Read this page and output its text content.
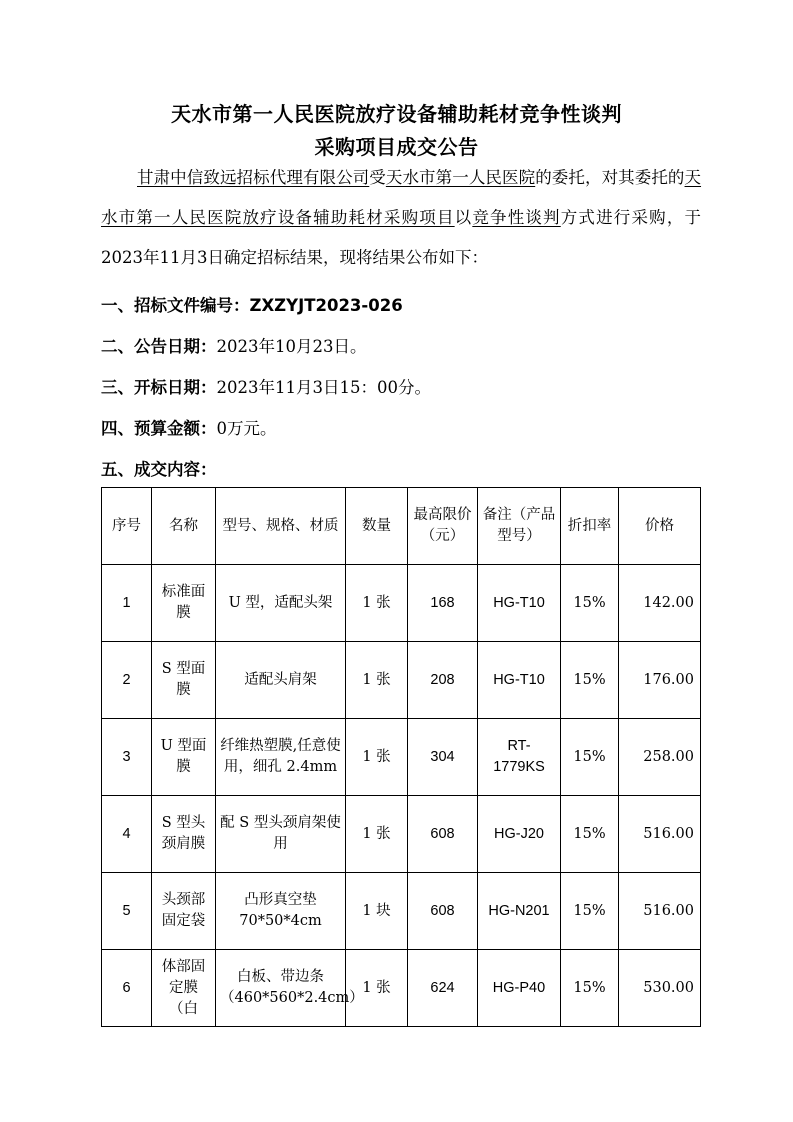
天水市第一人民医院放疗设备辅助耗材竞争性谈判
采购项目成交公告
甘肃中信致远招标代理有限公司受天水市第一人民医院的委托，对其委托的天水市第一人民医院放疗设备辅助耗材采购项目以竞争性谈判方式进行采购，于2023年11月3日确定招标结果，现将结果公布如下：
一、招标文件编号：ZXZYJT2023-026
二、公告日期：2023年10月23日。
三、开标日期：2023年11月3日15：00分。
四、预算金额：0万元。
五、成交内容：
序号	名称	型号、规格、材质	数量	最高限价（元）	备注（产品型号）	折扣率	价格
1	标准面膜	U 型，适配头架	1 张	168	HG-T10	15%	142.00
2	S 型面膜	适配头肩架	1 张	208	HG-T10	15%	176.00
3	U 型面膜	纤维热塑膜,任意使用，细孔 2.4mm	1 张	304	RT-1779KS	15%	258.00
4	S 型头颈肩膜	配 S 型头颈肩架使用	1 张	608	HG-J20	15%	516.00
5	头颈部固定袋	凸形真空垫 70*50*4cm	1 块	608	HG-N201	15%	516.00
6	体部固定膜（白	白板、带边条（460*560*2.4cm）	1 张	624	HG-P40	15%	530.00
